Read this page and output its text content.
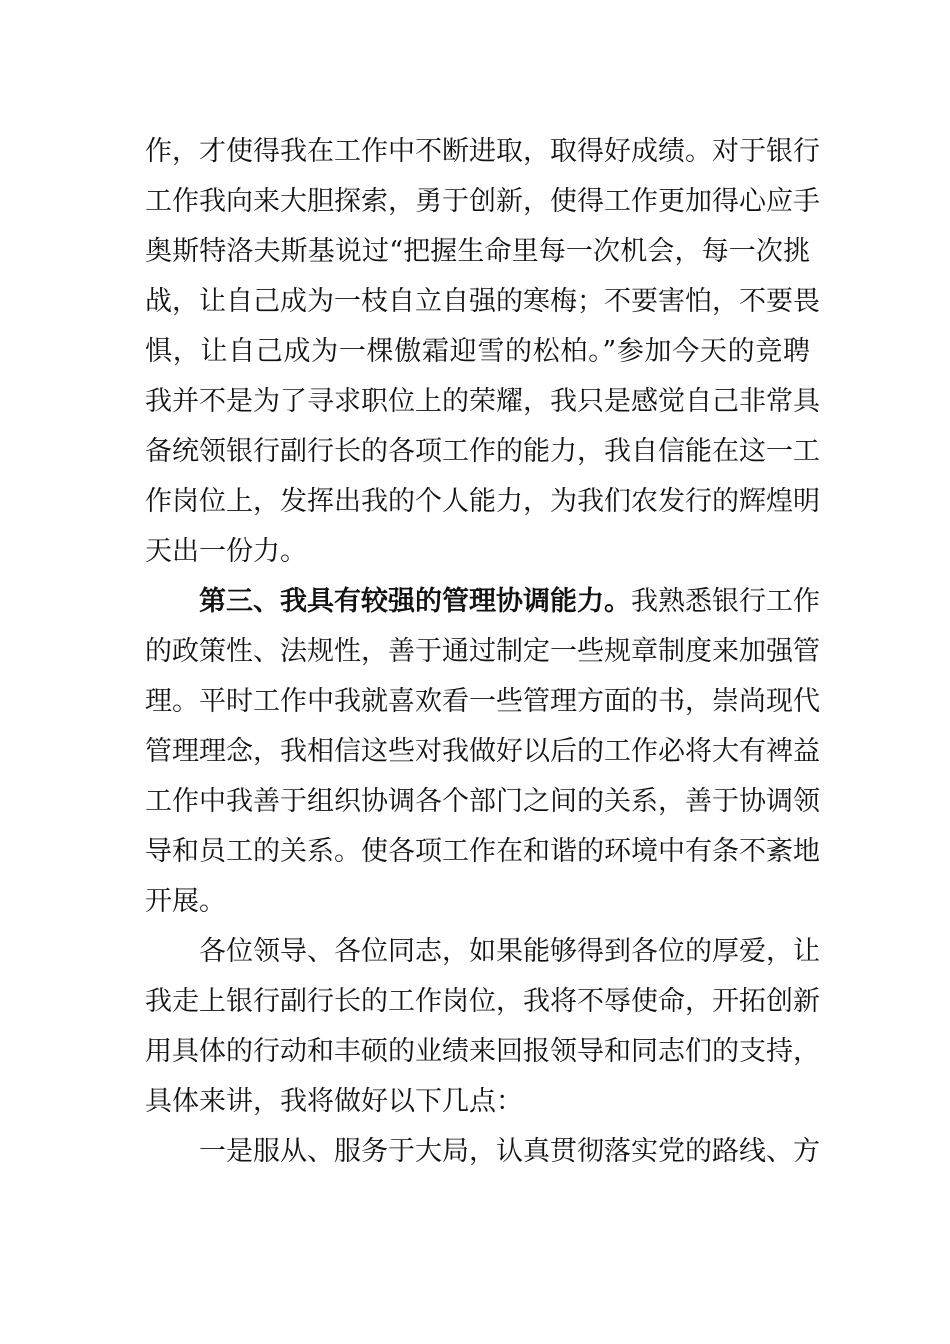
作，才使得我在工作中不断进取，取得好成绩。对于银行
工作我向来大胆探索，勇于创新，使得工作更加得心应手
奥斯特洛夫斯基说过“把握生命里每一次机会，每一次挑
战，让自己成为一枝自立自强的寒梅；不要害怕，不要畏
惧，让自己成为一棵傲霜迎雪的松柏。”参加今天的竞聘
我并不是为了寻求职位上的荣耀，我只是感觉自己非常具
备统领银行副行长的各项工作的能力，我自信能在这一工
作岗位上，发挥出我的个人能力，为我们农发行的辉煌明
天出一份力。
第三、我具有较强的管理协调能力。我熟悉银行工作
的政策性、法规性，善于通过制定一些规章制度来加强管
理。平时工作中我就喜欢看一些管理方面的书，崇尚现代
管理理念，我相信这些对我做好以后的工作必将大有裨益
工作中我善于组织协调各个部门之间的关系，善于协调领
导和员工的关系。使各项工作在和谐的环境中有条不紊地
开展。
各位领导、各位同志，如果能够得到各位的厚爱，让
我走上银行副行长的工作岗位，我将不辱使命，开拓创新
用具体的行动和丰硕的业绩来回报领导和同志们的支持，
具体来讲，我将做好以下几点：
一是服从、服务于大局，认真贯彻落实党的路线、方
